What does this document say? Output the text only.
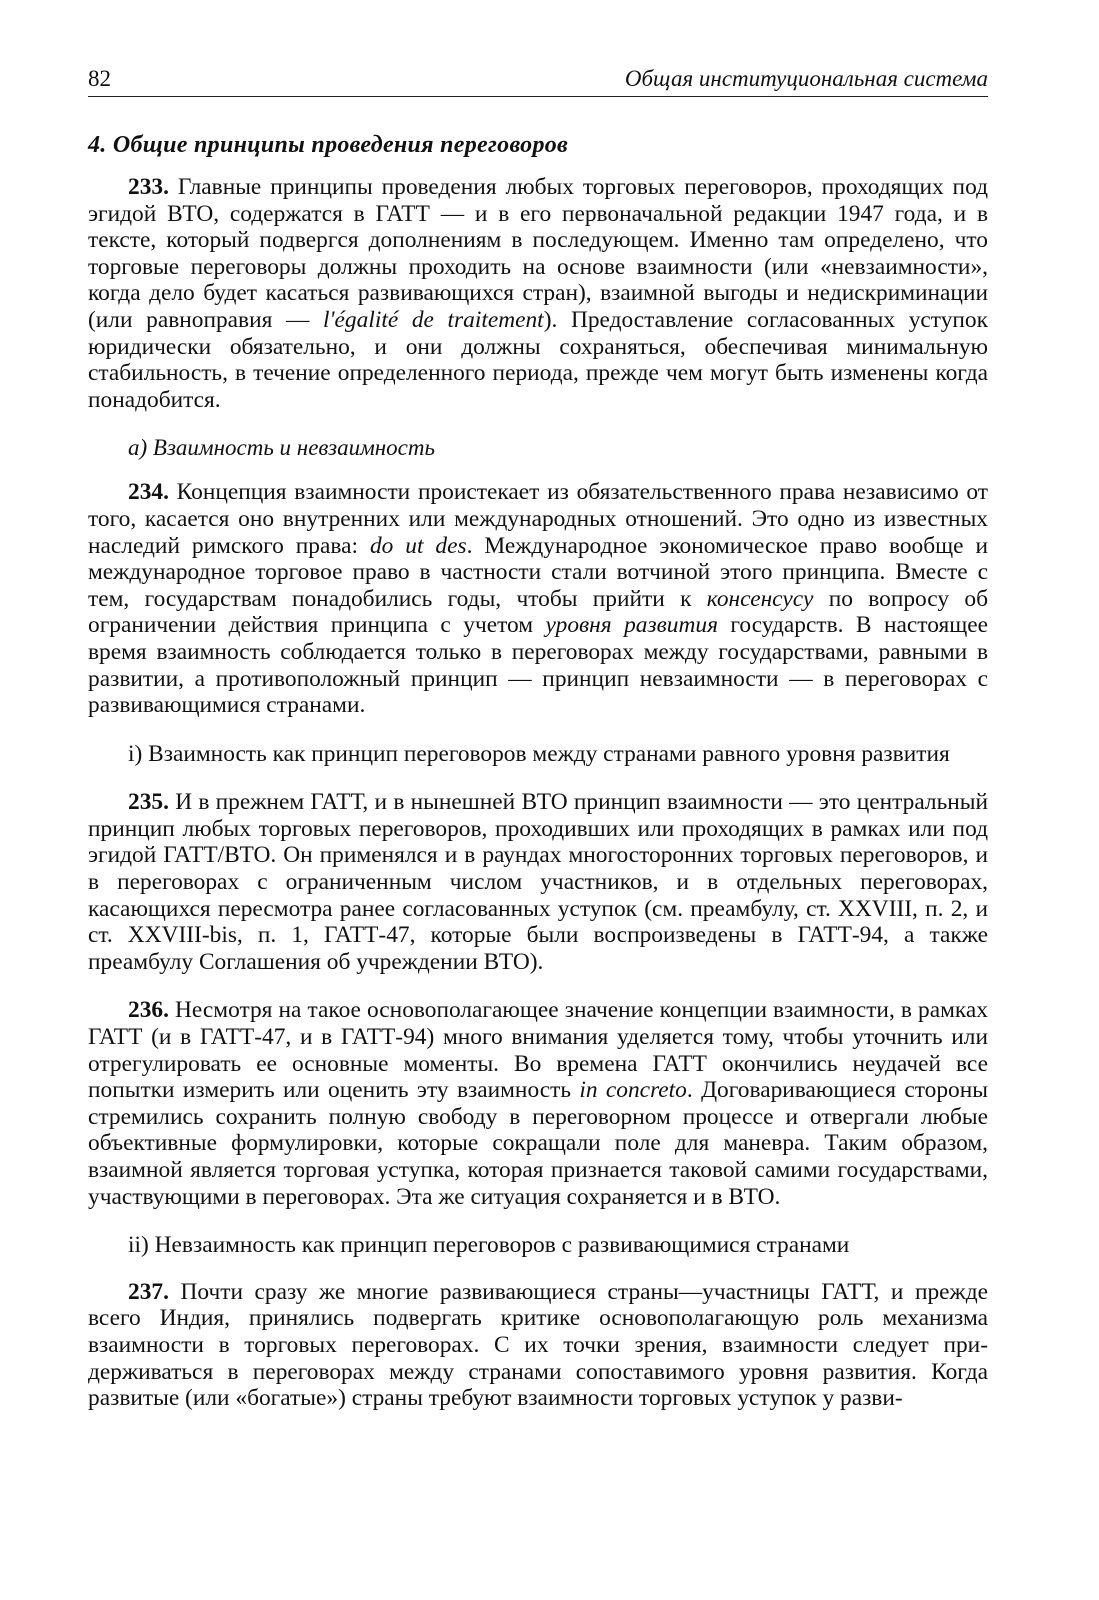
82	Общая институциональная система
4. Общие принципы проведения переговоров

233. Главные принципы проведения любых торговых переговоров, проходящих под эгидой ВТО, содержатся в ГАТТ — и в его первоначальной редакции 1947 года, и в тексте, который подвергся дополнениям в последующем. Именно там определено, что торговые переговоры должны проходить на основе взаимности (или «невзаимности», когда дело будет касаться развивающихся стран), взаимной выгоды и недискриминации (или равноправия — l'égalité de traitement). Предоставление согласованных уступок юридически обязательно, и они должны сохраняться, обеспечивая минимальную стабильность, в течение определенного периода, прежде чем могут быть изменены когда понадобится.

а) Взаимность и невзаимность

234. Концепция взаимности проистекает из обязательственного права независимо от того, касается оно внутренних или международных отношений. Это одно из известных наследий римского права: do ut des. Международное экономическое право вообще и международное торговое право в частности стали вотчиной этого принципа. Вместе с тем, государствам понадобились годы, чтобы прийти к консенсусу по вопросу об ограничении действия принципа с учетом уровня развития государств. В настоящее время взаимность соблюдается только в переговорах между государствами, равными в развитии, а противоположный принцип — принцип невзаимности — в переговорах с развивающимися странами.

i) Взаимность как принцип переговоров между странами равного уровня развития

235. И в прежнем ГАТТ, и в нынешней ВТО принцип взаимности — это центральный принцип любых торговых переговоров, проходивших или проходящих в рамках или под эгидой ГАТТ/ВТО. Он применялся и в раундах многосторонних торговых переговоров, и в переговорах с ограниченным числом участников, и в отдельных переговорах, касающихся пересмотра ранее согласованных уступок (см. преамбулу, ст. XXVIII, п. 2, и ст. XXVIII-bis, п. 1, ГАТТ-47, которые были воспроизведены в ГАТТ-94, а также преамбулу Соглашения об учреждении ВТО).

236. Несмотря на такое основополагающее значение концепции взаимности, в рамках ГАТТ (и в ГАТТ-47, и в ГАТТ-94) много внимания уделяется тому, чтобы уточнить или отрегулировать ее основные моменты. Во времена ГАТТ окончились неудачей все попытки измерить или оценить эту взаимность in concreto. Договаривающиеся стороны стремились сохранить полную свободу в переговорном процессе и отвергали любые объективные формулировки, которые сокращали поле для маневра. Таким образом, взаимной является торговая уступка, которая признается таковой самими государствами, участвующими в переговорах. Эта же ситуация сохраняется и в ВТО.

ii) Невзаимность как принцип переговоров с развивающимися странами

237. Почти сразу же многие развивающиеся страны—участницы ГАТТ, и прежде всего Индия, принялись подвергать критике основополагающую роль механизма взаимности в торговых переговорах. С их точки зрения, взаимности следует придерживаться в переговорах между странами сопоставимого уровня развития. Когда развитые (или «богатые») страны требуют взаимности торговых уступок у разви-
